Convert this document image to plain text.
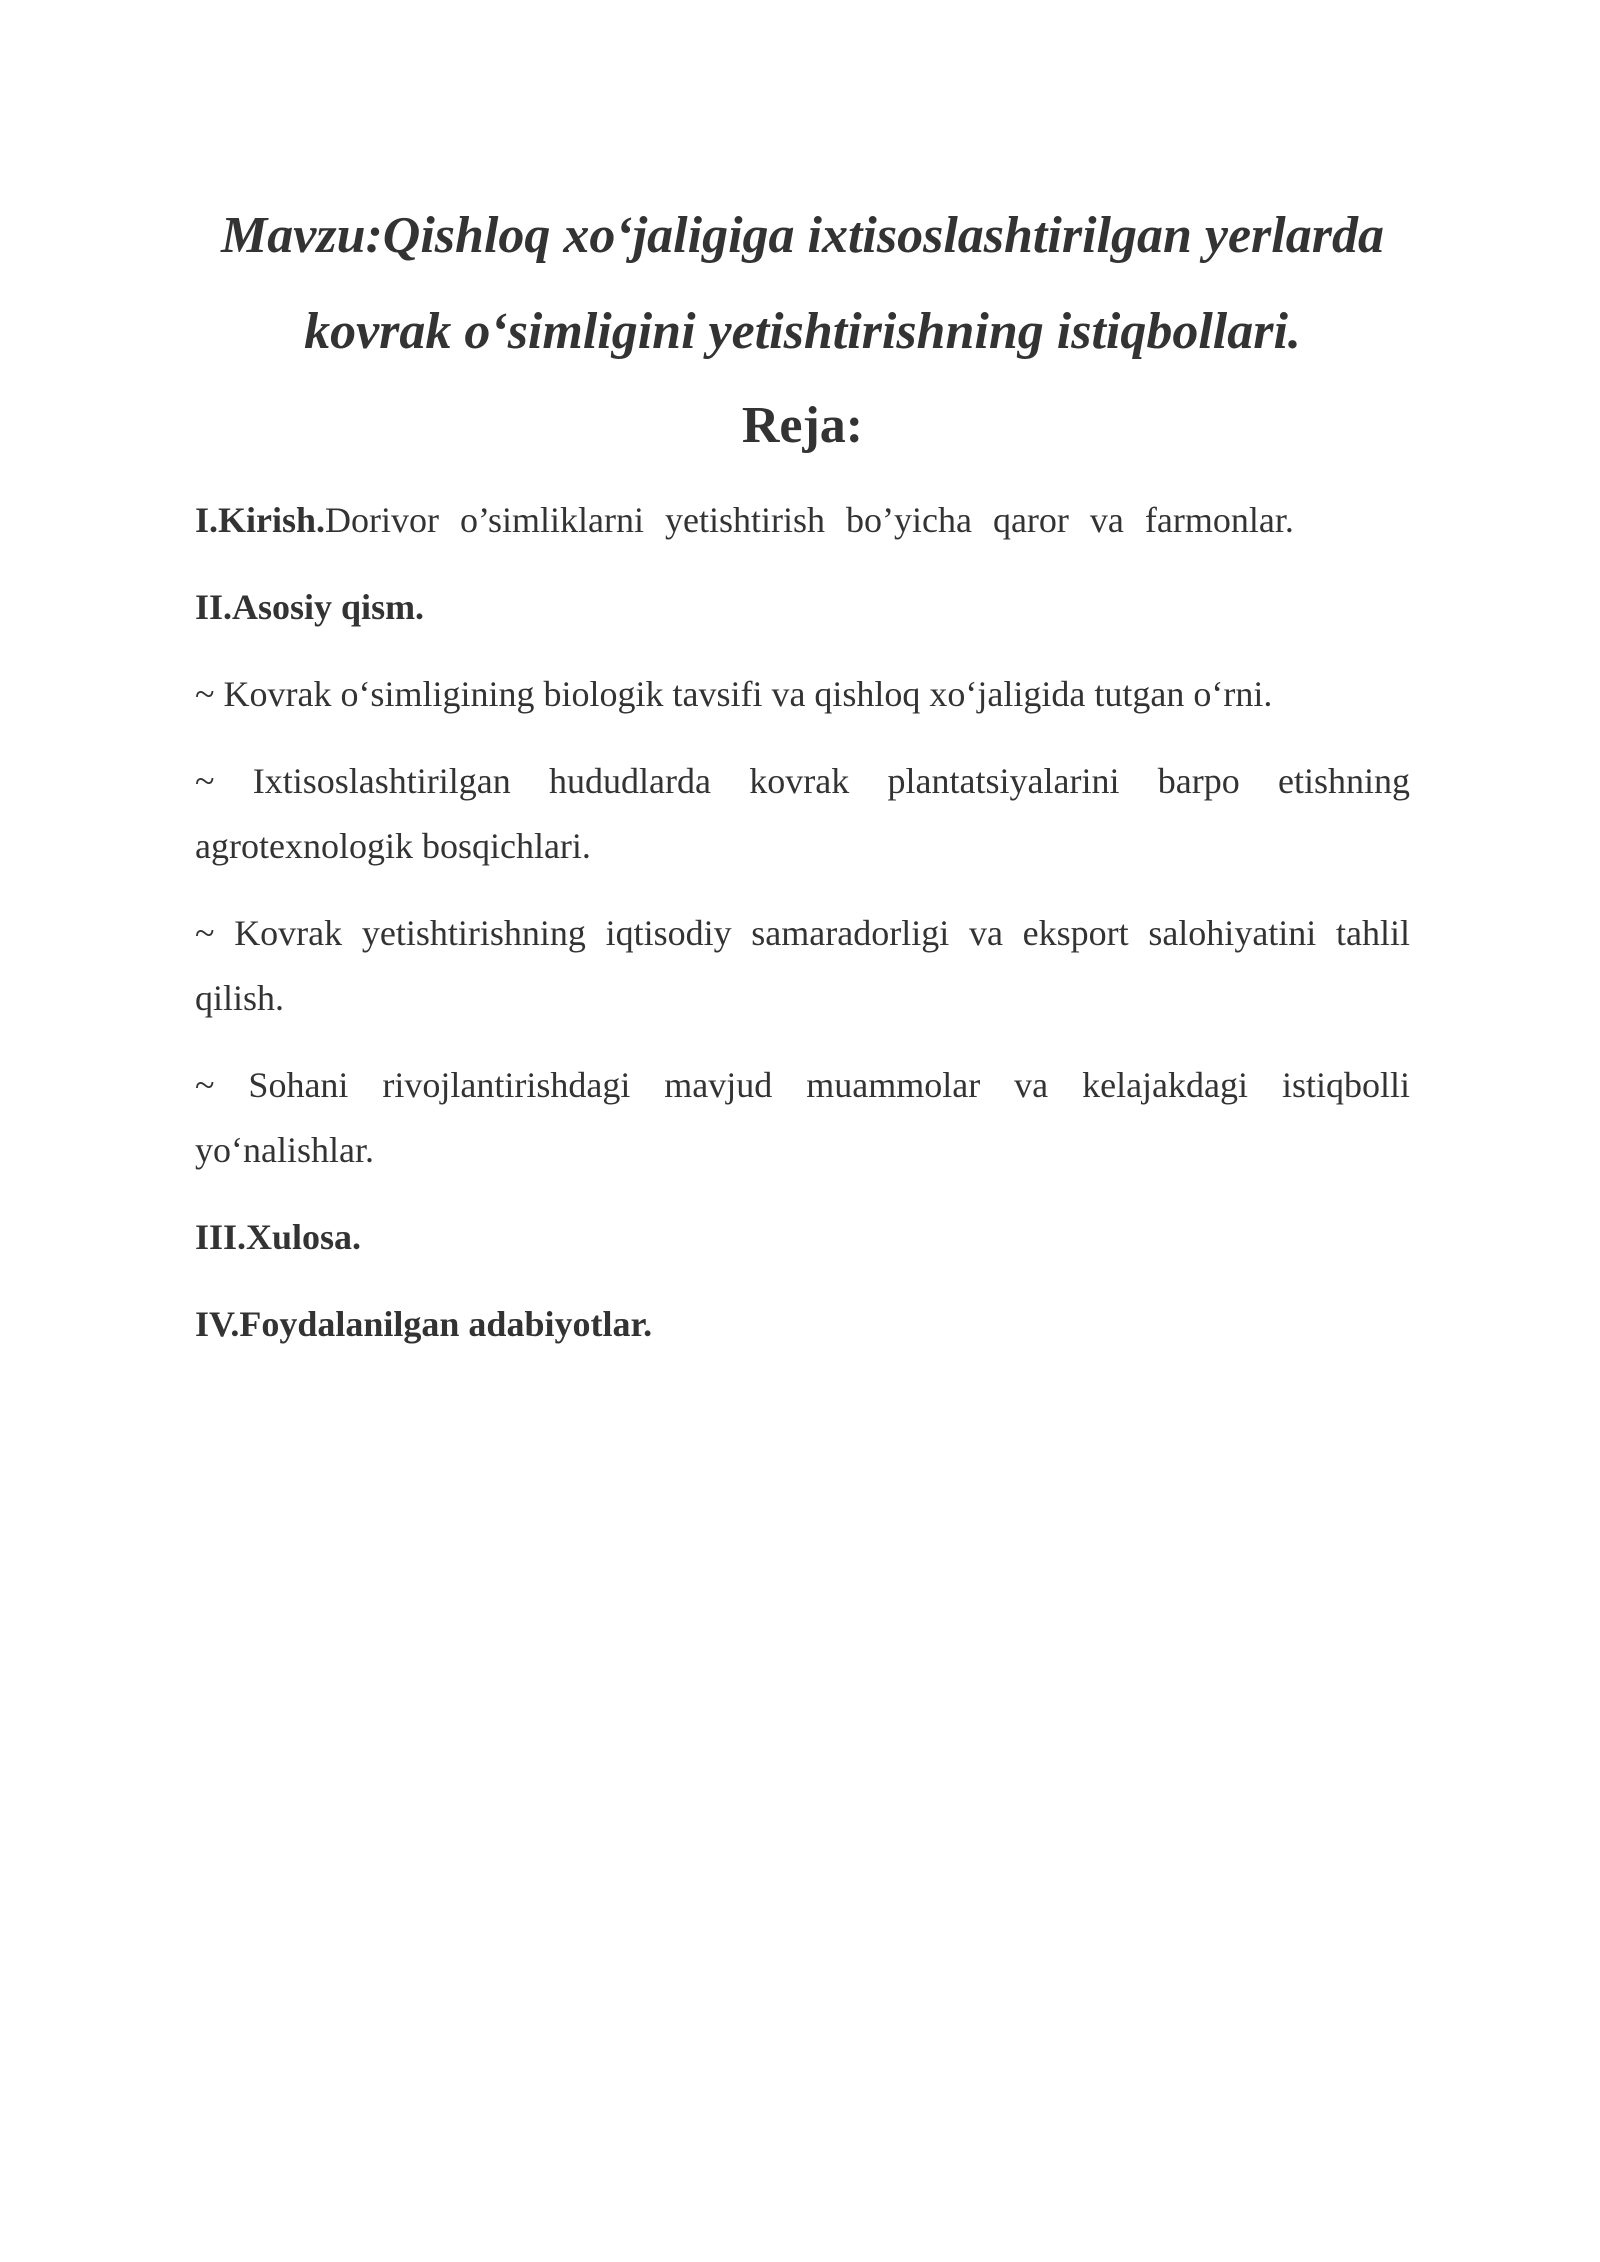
Mavzu:Qishloq xo‘jaligiga ixtisoslashtirilgan yerlarda
kovrak o‘simligini yetishtirishning istiqbollari.
Reja:

I.Kirish.Dorivor o’simliklarni yetishtirish bo’yicha qaror va farmonlar.

II.Asosiy qism.

~ Kovrak o‘simligining biologik tavsifi va qishloq xo‘jaligida tutgan o‘rni.

~ Ixtisoslashtirilgan hududlarda kovrak plantatsiyalarini barpo etishning agrotexnologik bosqichlari.

~ Kovrak yetishtirishning iqtisodiy samaradorligi va eksport salohiyatini tahlil qilish.

~ Sohani rivojlantirishdagi mavjud muammolar va kelajakdagi istiqbolli yo‘nalishlar.

III.Xulosa.

IV.Foydalanilgan adabiyotlar.
